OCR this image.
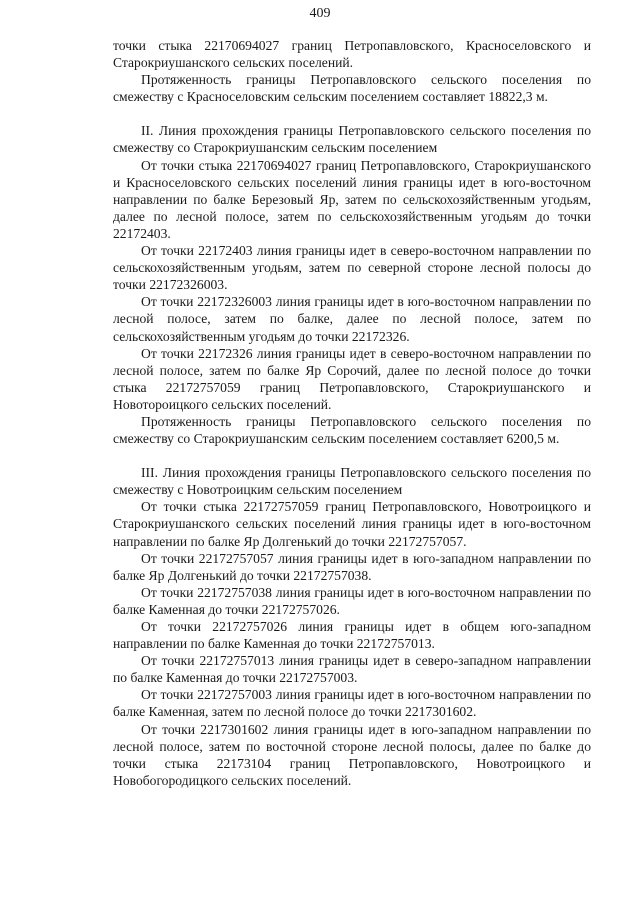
409

точки стыка 22170694027 границ Петропавловского, Красноселовского и Старокриушанского сельских поселений.

Протяженность границы Петропавловского сельского поселения по смежеству с Красноселовским сельским поселением составляет 18822,3 м.

II. Линия прохождения границы Петропавловского сельского поселения по смежеству со Старокриушанским сельским поселением

От точки стыка 22170694027 границ Петропавловского, Старокриушанского и Красноселовского сельских поселений линия границы идет в юго-восточном направлении по балке Березовый Яр, затем по сельскохозяйственным угодьям, далее по лесной полосе, затем по сельскохозяйственным угодьям до точки 22172403.

От точки 22172403 линия границы идет в северо-восточном направлении по сельскохозяйственным угодьям, затем по северной стороне лесной полосы до точки 22172326003.

От точки 22172326003 линия границы идет в юго-восточном направлении по лесной полосе, затем по балке, далее по лесной полосе, затем по сельскохозяйственным угодьям до точки 22172326.

От точки 22172326 линия границы идет в северо-восточном направлении по лесной полосе, затем по балке Яр Сорочий, далее по лесной полосе до точки стыка 22172757059 границ Петропавловского, Старокриушанского и Новотороицкого сельских поселений.

Протяженность границы Петропавловского сельского поселения по смежеству со Старокриушанским сельским поселением составляет 6200,5 м.

III. Линия прохождения границы Петропавловского сельского поселения по смежеству с Новотроицким сельским поселением

От точки стыка 22172757059 границ Петропавловского, Новотроицкого и Старокриушанского сельских поселений линия границы идет в юго-восточном направлении по балке Яр Долгенький до точки 22172757057.

От точки 22172757057 линия границы идет в юго-западном направлении по балке Яр Долгенький до точки 22172757038.

От точки 22172757038 линия границы идет в юго-восточном направлении по балке Каменная до точки 22172757026.

От точки 22172757026 линия границы идет в общем юго-западном направлении по балке Каменная до точки 22172757013.

От точки 22172757013 линия границы идет в северо-западном направлении по балке Каменная до точки 22172757003.

От точки 22172757003 линия границы идет в юго-восточном направлении по балке Каменная, затем по лесной полосе до точки 2217301602.

От точки 2217301602 линия границы идет в юго-западном направлении по лесной полосе, затем по восточной стороне лесной полосы, далее по балке до точки стыка 22173104 границ Петропавловского, Новотроицкого и Новобогородицкого сельских поселений.
